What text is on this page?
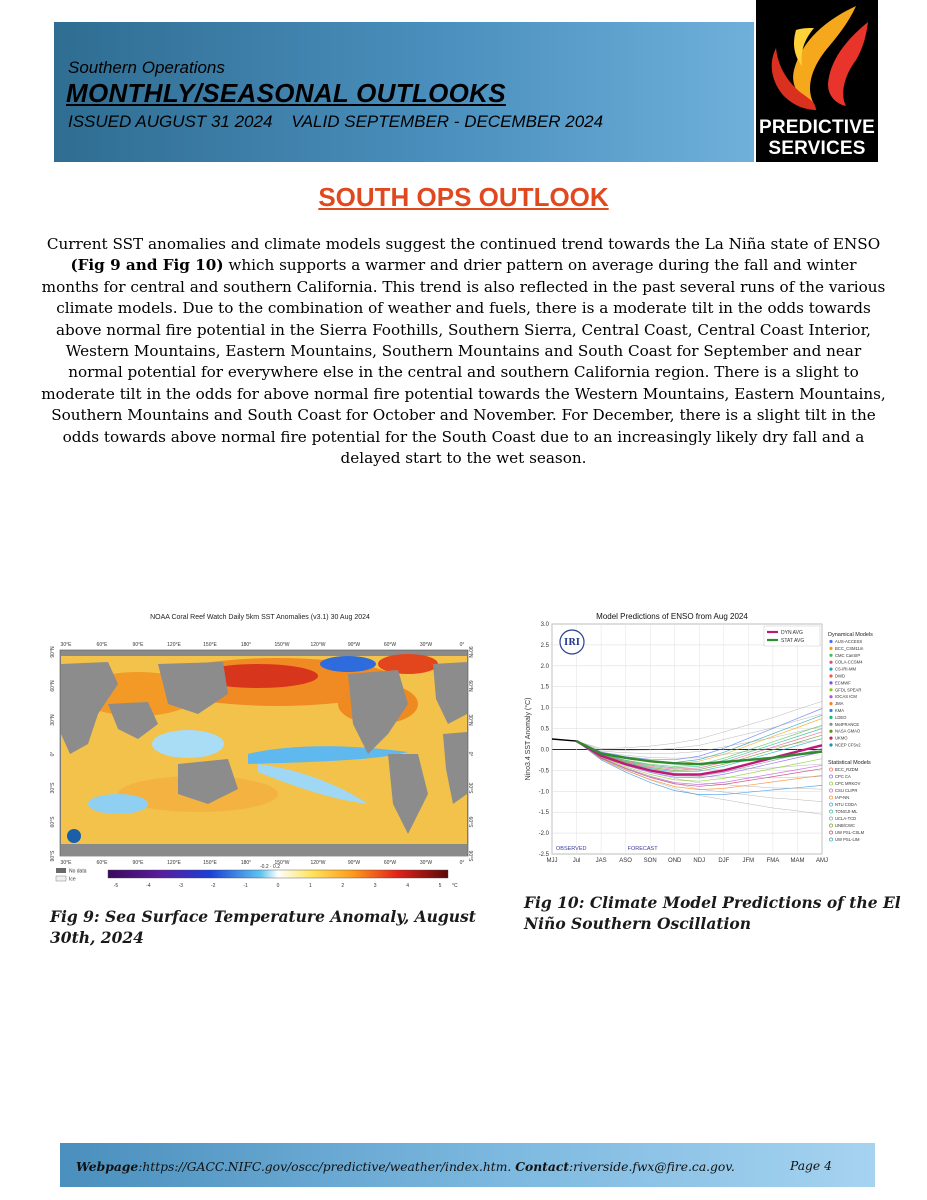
Southern Operations
MONTHLY/SEASONAL OUTLOOKS
ISSUED AUGUST 31 2024 VALID SEPTEMBER - DECEMBER 2024	PREDICTIVE
SERVICES
SOUTH OPS OUTLOOK
Current SST anomalies and climate models suggest the continued trend towards the La Niña state of ENSO (Fig 9 and Fig 10) which supports a warmer and drier pattern on average during the fall and winter months for central and southern California. This trend is also reflected in the past several runs of the various climate models. Due to the combination of weather and fuels, there is a moderate tilt in the odds towards above normal fire potential in the Sierra Foothills, Southern Sierra, Central Coast, Central Coast Interior, Western Mountains, Eastern Mountains, Southern Mountains and South Coast for September and near normal potential for everywhere else in the central and southern California region. There is a slight to moderate tilt in the odds for above normal fire potential towards the Western Mountains, Eastern Mountains, Southern Mountains and South Coast for October and November. For December, there is a slight tilt in the odds towards above normal fire potential for the South Coast due to an increasingly likely dry fall and a delayed start to the wet season.
NOAA Coral Reef Watch Daily 5km SST Anomalies (v3.1) 30 Aug 2024
30°E	60°E	90°E	120°E	150°E	180°	150°W	120°W	90°W	60°W	30°W	0°
30°E	60°E	90°E	120°E	150°E	180°	150°W	120°W	90°W	60°W	30°W	0°
90°N
60°N
30°N
0°
30°S
60°S
90°S
90°N
60°N
30°N
0°
30°S
60°S
90°S
No data
Ice
-0.2 · 0.2
-5	-4	-3	-2	-1	0	1	2	3	4	5 °C
Fig 9: Sea Surface Temperature Anomaly, August 30th, 2024
Model Predictions of ENSO from Aug 2024
3.0
2.5
2.0
1.5
1.0
0.5
0.0
-0.5
-1.0
-1.5
-2.0
-2.5
MJJ	Jul	JAS ASO SON OND NDJ DJF JFM FMA MAM AMJ
Nino3.4 SST Anomaly (°C)
OBSERVED	FORECAST
IRI
DYN AVG
STAT AVG
Dynamical Models
AUS-ACCESS
BCC_CSM11m
CMC CanSIP
COLA-CCSM4
CS-IRI-MM
DWD
ECMWF
GFDL SPEAR
IOCAS ICM
JMA
KMA
LDEO
MetFRANCE
NASA GMAO
UKMO
NCEP CFSv2
Statistical Models
BCC_RZDM
CPC CA
CPC MRKOV
CSU CLIPR
IAP-NN
NTU CODA
TONGJI-ML
UCLA-TCD
UNB/CWC
UW PSL-CSLM
UW PSL-LIM
Fig 10: Climate Model Predictions of the El Niño Southern Oscillation
Webpage:https://GACC.NIFC.gov/oscc/predictive/weather/index.htm. Contact:riverside.fwx@fire.ca.gov.	Page 4
